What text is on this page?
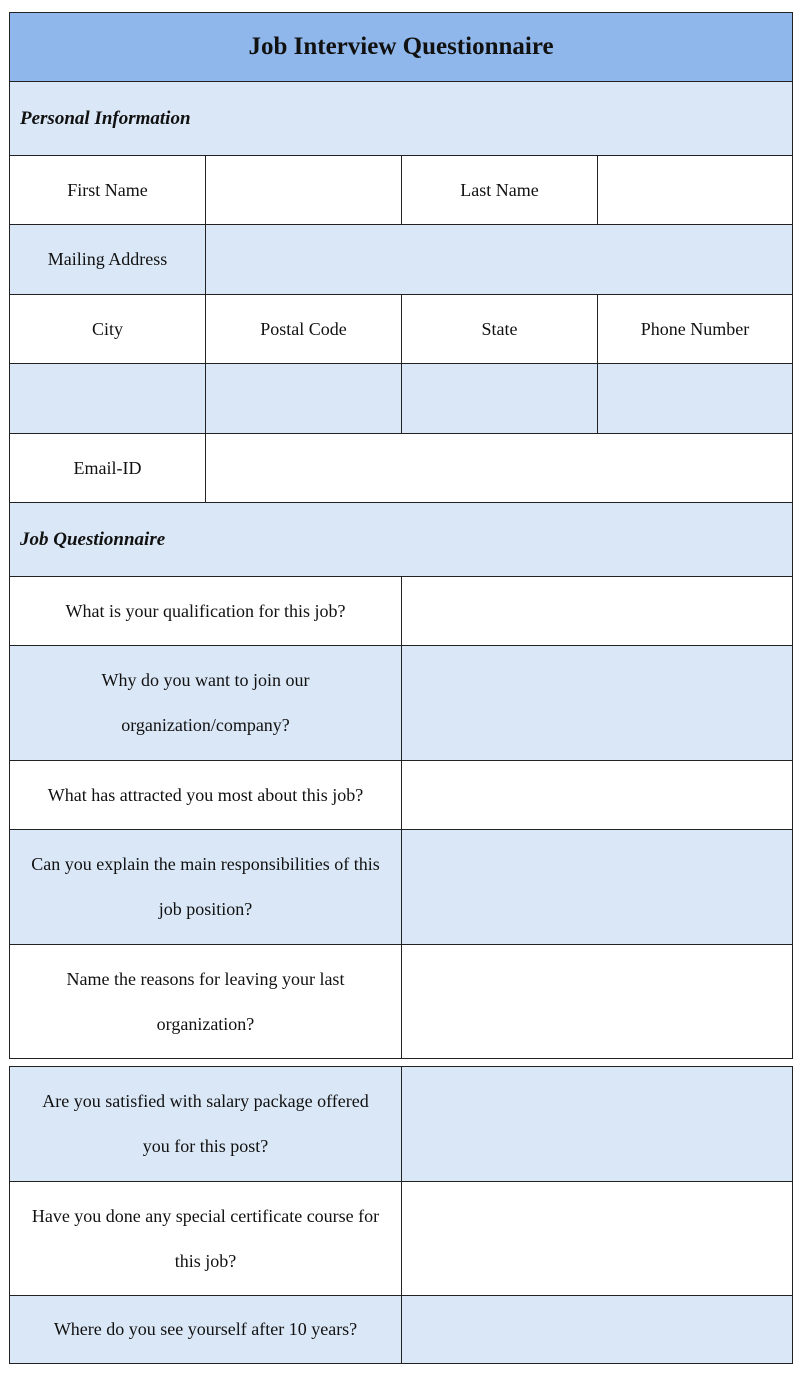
Job Interview Questionnaire			
Personal Information			
First Name		Last Name	
Mailing Address			
City	Postal Code	State	Phone Number

Email-ID			
Job Questionnaire			
What is your qualification for this job?			
Why do you want to join our organization/company?			
What has attracted you most about this job?			
Can you explain the main responsibilities of this job position?			
Name the reasons for leaving your last organization?			
Are you satisfied with salary package offered you for this post?	
Have you done any special certificate course for this job?	
Where do you see yourself after 10 years?	
